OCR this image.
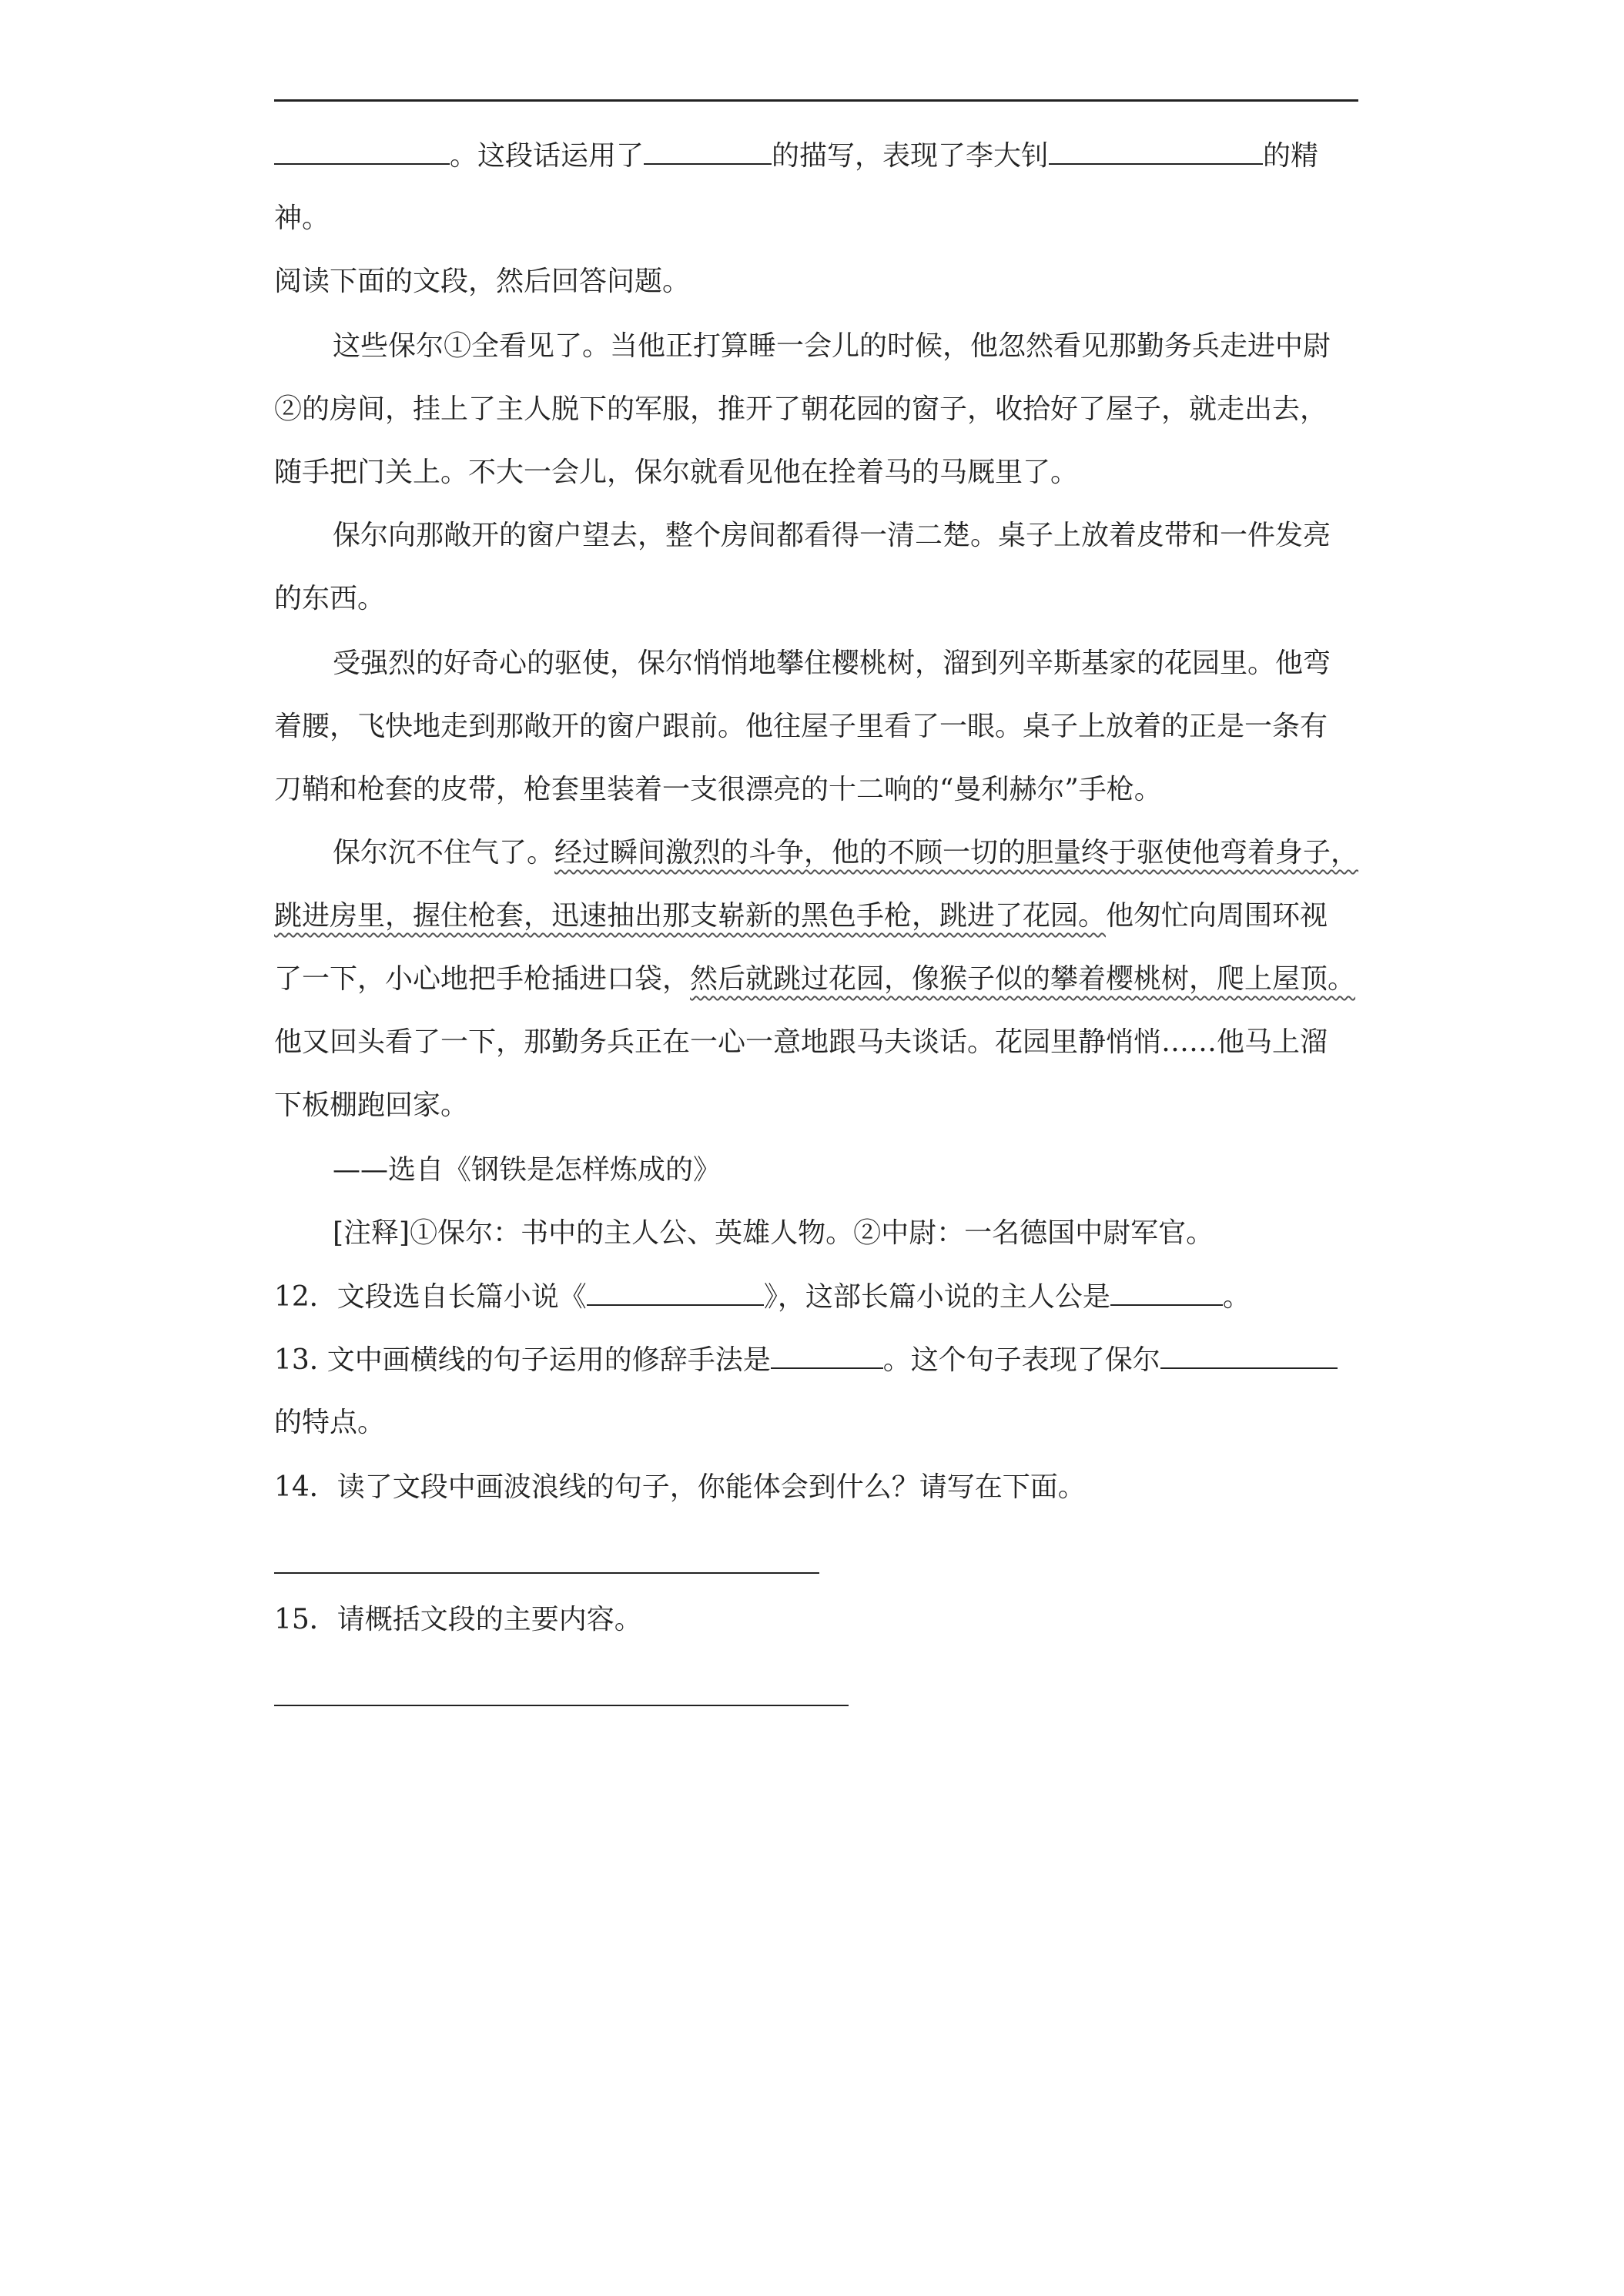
。这段话运用了	的描写，表现了李大钊	的精
神。
阅读下面的文段，然后回答问题。
这些保尔①全看见了。当他正打算睡一会儿的时候，他忽然看见那勤务兵走进中尉
②的房间，挂上了主人脱下的军服，推开了朝花园的窗子，收拾好了屋子，就走出去，
随手把门关上。不大一会儿，保尔就看见他在拴着马的马厩里了。
保尔向那敞开的窗户望去，整个房间都看得一清二楚。桌子上放着皮带和一件发亮
的东西。
受强烈的好奇心的驱使，保尔悄悄地攀住樱桃树，溜到列辛斯基家的花园里。他弯
着腰，飞快地走到那敞开的窗户跟前。他往屋子里看了一眼。桌子上放着的正是一条有
刀鞘和枪套的皮带，枪套里装着一支很漂亮的十二响的“曼利赫尔”手枪。
保尔沉不住气了。经过瞬间激烈的斗争，他的不顾一切的胆量终于驱使他弯着身子，
跳进房里，握住枪套，迅速抽出那支崭新的黑色手枪，跳进了花园。他匆忙向周围环视
了一下，小心地把手枪插进口袋，然后就跳过花园，像猴子似的攀着樱桃树，爬上屋顶。
他又回头看了一下，那勤务兵正在一心一意地跟马夫谈话。花园里静悄悄……他马上溜
下板棚跑回家。
——选自《钢铁是怎样炼成的》
[注释]①保尔：书中的主人公、英雄人物。②中尉：一名德国中尉军官。
12．文段选自长篇小说《	》，这部长篇小说的主人公是	。
13. 文中画横线的句子运用的修辞手法是	。这个句子表现了保尔
的特点。
14．读了文段中画波浪线的句子，你能体会到什么？请写在下面。
15．请概括文段的主要内容。
